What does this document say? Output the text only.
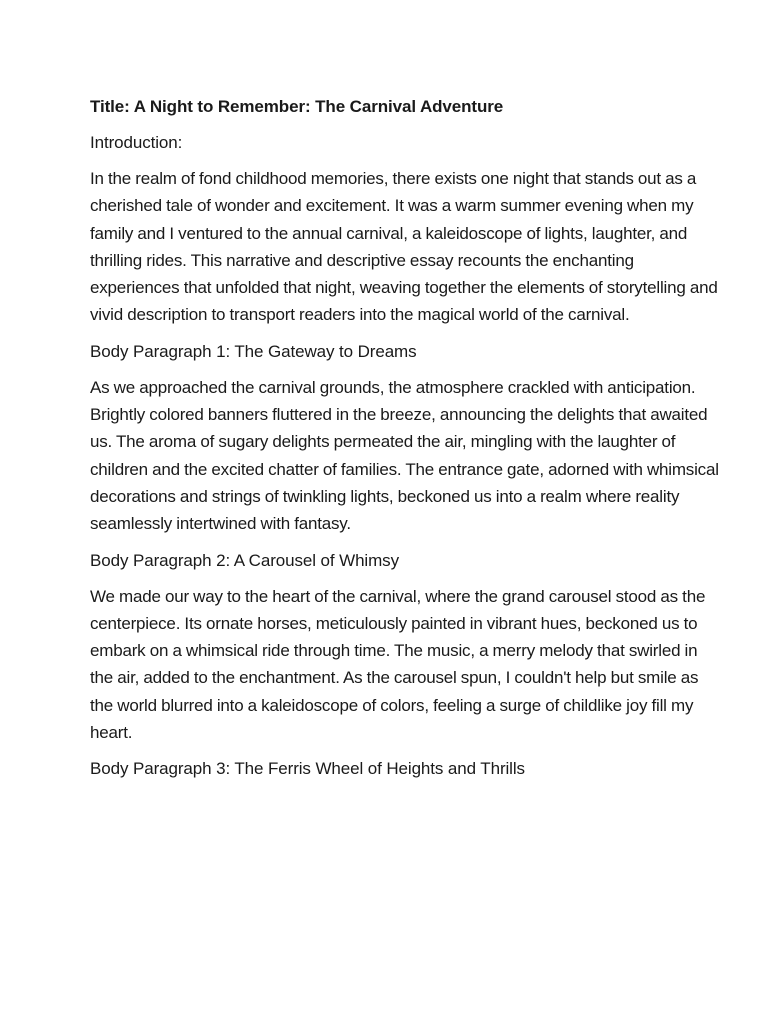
Title: A Night to Remember: The Carnival Adventure

Introduction:

In the realm of fond childhood memories, there exists one night that stands out as a cherished tale of wonder and excitement. It was a warm summer evening when my family and I ventured to the annual carnival, a kaleidoscope of lights, laughter, and thrilling rides. This narrative and descriptive essay recounts the enchanting experiences that unfolded that night, weaving together the elements of storytelling and vivid description to transport readers into the magical world of the carnival.

Body Paragraph 1: The Gateway to Dreams

As we approached the carnival grounds, the atmosphere crackled with anticipation. Brightly colored banners fluttered in the breeze, announcing the delights that awaited us. The aroma of sugary delights permeated the air, mingling with the laughter of children and the excited chatter of families. The entrance gate, adorned with whimsical decorations and strings of twinkling lights, beckoned us into a realm where reality seamlessly intertwined with fantasy.

Body Paragraph 2: A Carousel of Whimsy

We made our way to the heart of the carnival, where the grand carousel stood as the centerpiece. Its ornate horses, meticulously painted in vibrant hues, beckoned us to embark on a whimsical ride through time. The music, a merry melody that swirled in the air, added to the enchantment. As the carousel spun, I couldn't help but smile as the world blurred into a kaleidoscope of colors, feeling a surge of childlike joy fill my heart.

Body Paragraph 3: The Ferris Wheel of Heights and Thrills
